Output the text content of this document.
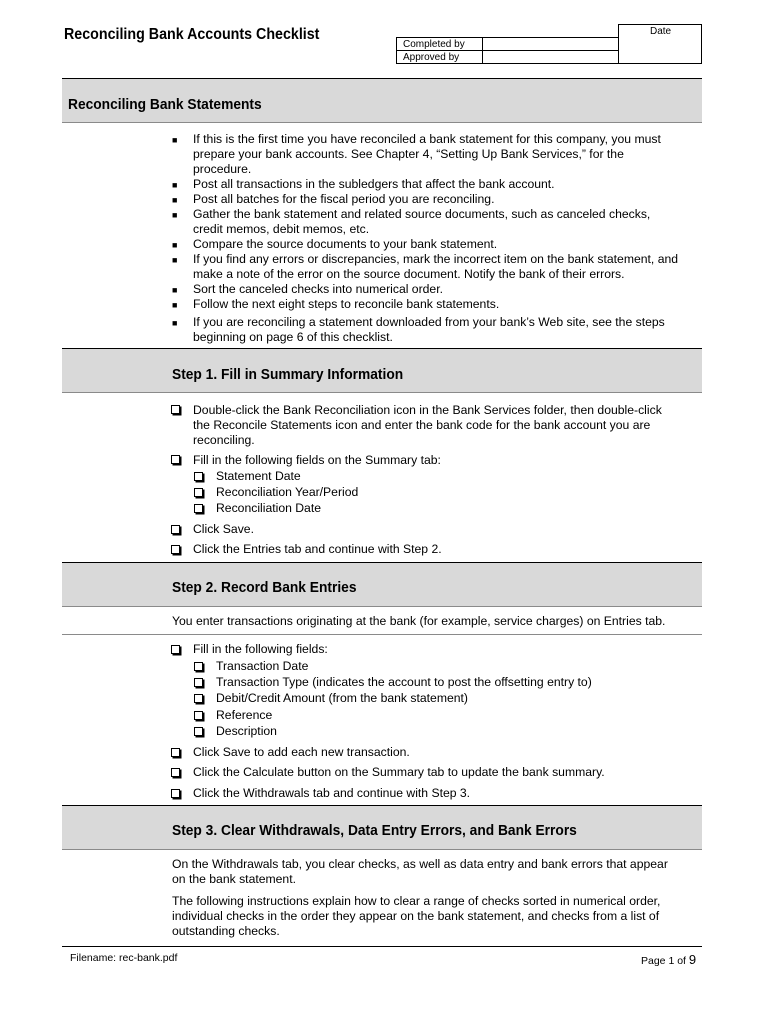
Reconciling Bank Accounts Checklist	Date
Completed by
Approved by
Reconciling Bank Statements
■ If this is the first time you have reconciled a bank statement for this company, you must
prepare your bank accounts. See Chapter 4, “Setting Up Bank Services,” for the
procedure.
■ Post all transactions in the subledgers that affect the bank account.
■ Post all batches for the fiscal period you are reconciling.
■ Gather the bank statement and related source documents, such as canceled checks,
credit memos, debit memos, etc.
■ Compare the source documents to your bank statement.
■ If you find any errors or discrepancies, mark the incorrect item on the bank statement, and
make a note of the error on the source document. Notify the bank of their errors.
■ Sort the canceled checks into numerical order.
■ Follow the next eight steps to reconcile bank statements.
■ If you are reconciling a statement downloaded from your bank’s Web site, see the steps
beginning on page 6 of this checklist.
Step 1. Fill in Summary Information
Double-click the Bank Reconciliation icon in the Bank Services folder, then double-click
the Reconcile Statements icon and enter the bank code for the bank account you are
reconciling.
Fill in the following fields on the Summary tab:
Statement Date
Reconciliation Year/Period
Reconciliation Date
Click Save.
Click the Entries tab and continue with Step 2.
Step 2. Record Bank Entries
You enter transactions originating at the bank (for example, service charges) on Entries tab.
Fill in the following fields:
Transaction Date
Transaction Type (indicates the account to post the offsetting entry to)
Debit/Credit Amount (from the bank statement)
Reference
Description
Click Save to add each new transaction.
Click the Calculate button on the Summary tab to update the bank summary.
Click the Withdrawals tab and continue with Step 3.
Step 3. Clear Withdrawals, Data Entry Errors, and Bank Errors
On the Withdrawals tab, you clear checks, as well as data entry and bank errors that appear
on the bank statement.
The following instructions explain how to clear a range of checks sorted in numerical order,
individual checks in the order they appear on the bank statement, and checks from a list of
outstanding checks.
Filename: rec-bank.pdf	Page 1 of 9
